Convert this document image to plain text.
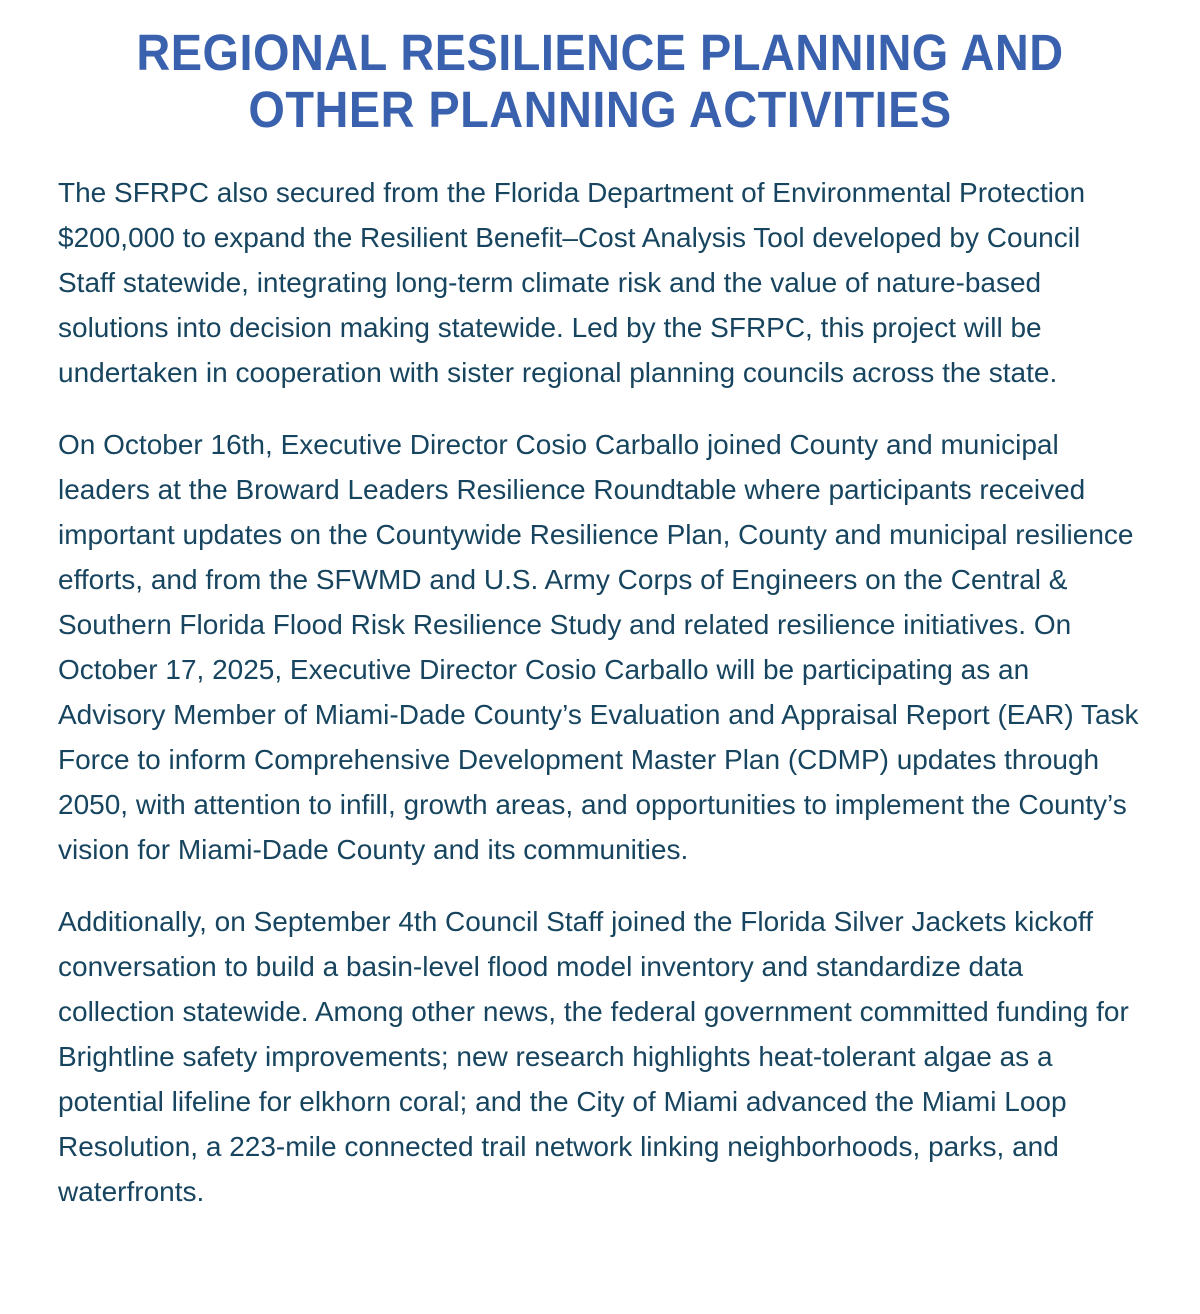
REGIONAL RESILIENCE PLANNING AND
OTHER PLANNING ACTIVITIES

The SFRPC also secured from the Florida Department of Environmental Protection $200,000 to expand the Resilient Benefit–Cost Analysis Tool developed by Council Staff statewide, integrating long-term climate risk and the value of nature-based solutions into decision making statewide. Led by the SFRPC, this project will be undertaken in cooperation with sister regional planning councils across the state.

On October 16th, Executive Director Cosio Carballo joined County and municipal leaders at the Broward Leaders Resilience Roundtable where participants received important updates on the Countywide Resilience Plan, County and municipal resilience efforts, and from the SFWMD and U.S. Army Corps of Engineers on the Central & Southern Florida Flood Risk Resilience Study and related resilience initiatives. On October 17, 2025, Executive Director Cosio Carballo will be participating as an Advisory Member of Miami-Dade County’s Evaluation and Appraisal Report (EAR) Task Force to inform Comprehensive Development Master Plan (CDMP) updates through 2050, with attention to infill, growth areas, and opportunities to implement the County’s vision for Miami-Dade County and its communities.

Additionally, on September 4th Council Staff joined the Florida Silver Jackets kickoff conversation to build a basin-level flood model inventory and standardize data collection statewide. Among other news, the federal government committed funding for Brightline safety improvements; new research highlights heat-tolerant algae as a potential lifeline for elkhorn coral; and the City of Miami advanced the Miami Loop Resolution, a 223-mile connected trail network linking neighborhoods, parks, and waterfronts.
